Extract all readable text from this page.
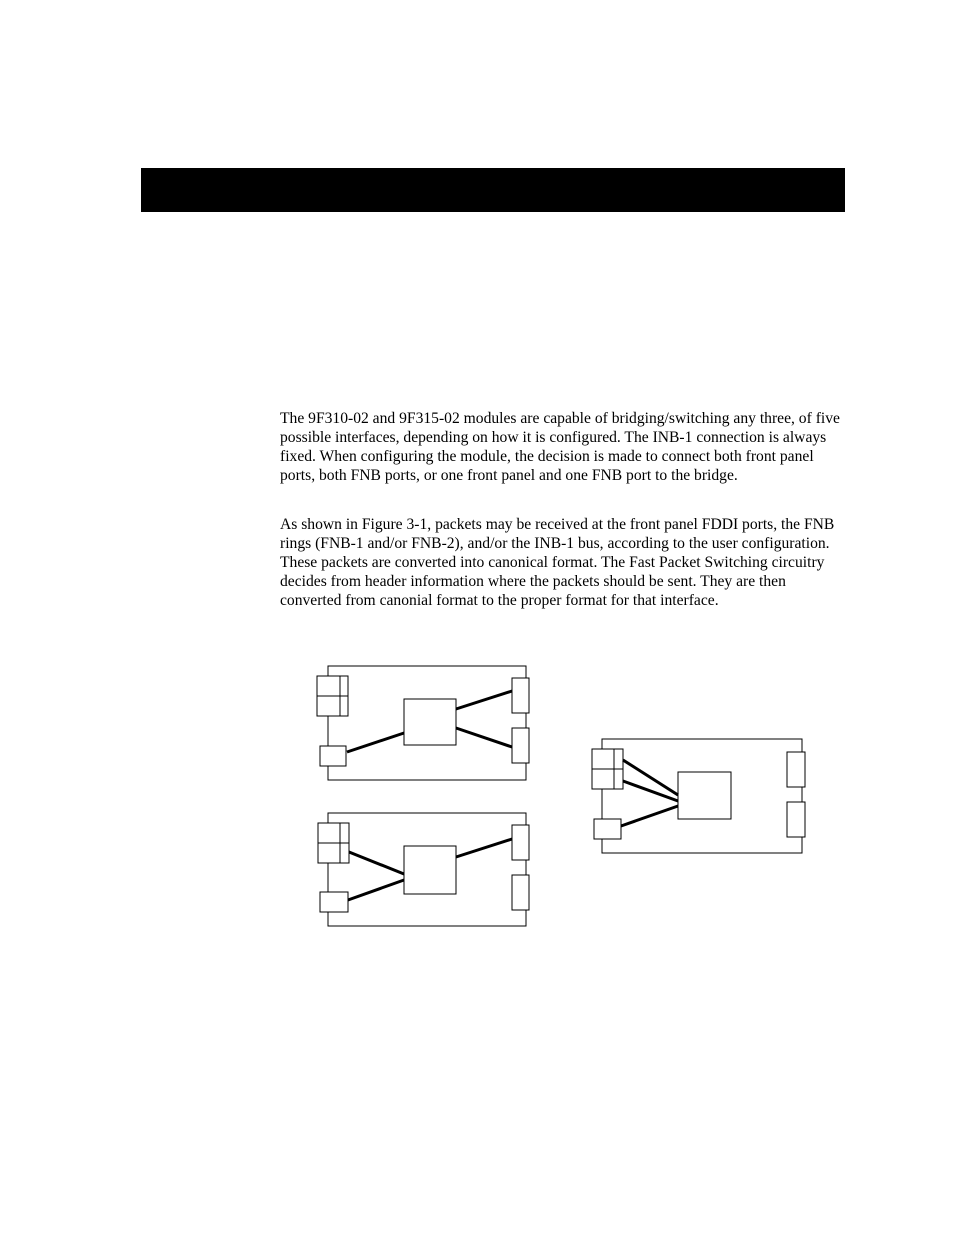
The 9F310-02 and 9F315-02 modules are capable of bridging/switching any three, of five possible interfaces, depending on how it is configured. The INB-1 connection is always fixed. When configuring the module, the decision is made to connect both front panel ports, both FNB ports, or one front panel and one FNB port to the bridge.

As shown in Figure 3-1, packets may be received at the front panel FDDI ports, the FNB rings (FNB-1 and/or FNB-2), and/or the INB-1 bus, according to the user configuration. These packets are converted into canonical format. The Fast Packet Switching circuitry decides from header information where the packets should be sent. They are then converted from canonial format to the proper format for that interface.
